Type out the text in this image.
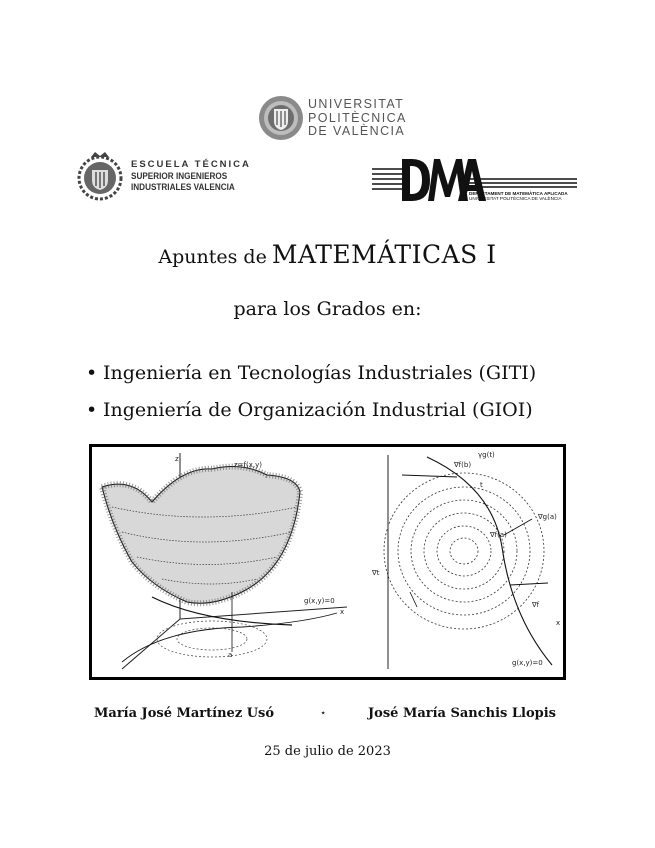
UNIVERSITAT
POLITÈCNICA
DE VALÈNCIA
ESCUELA TÉCNICA
SUPERIOR INGENIEROS
INDUSTRIALES VALENCIA
DEPARTAMENT DE MATEMÀTICA APLICADA
UNIVERSITAT POLITÈCNICA DE VALÈNCIA
Apuntes de MATEMÁTICAS I
para los Grados en:
• Ingeniería en Tecnologías Industriales (GITI)
• Ingeniería de Organización Industrial (GIOI)
z
z=f(x,y)
x
g(x,y)=0
a
γg(t)
∇f(b)
t
∇g(a)
∇f(a)
∇f
∇t
g(x,y)=0
x
María José Martínez Usó	⋆	José María Sanchis Llopis
25 de julio de 2023
